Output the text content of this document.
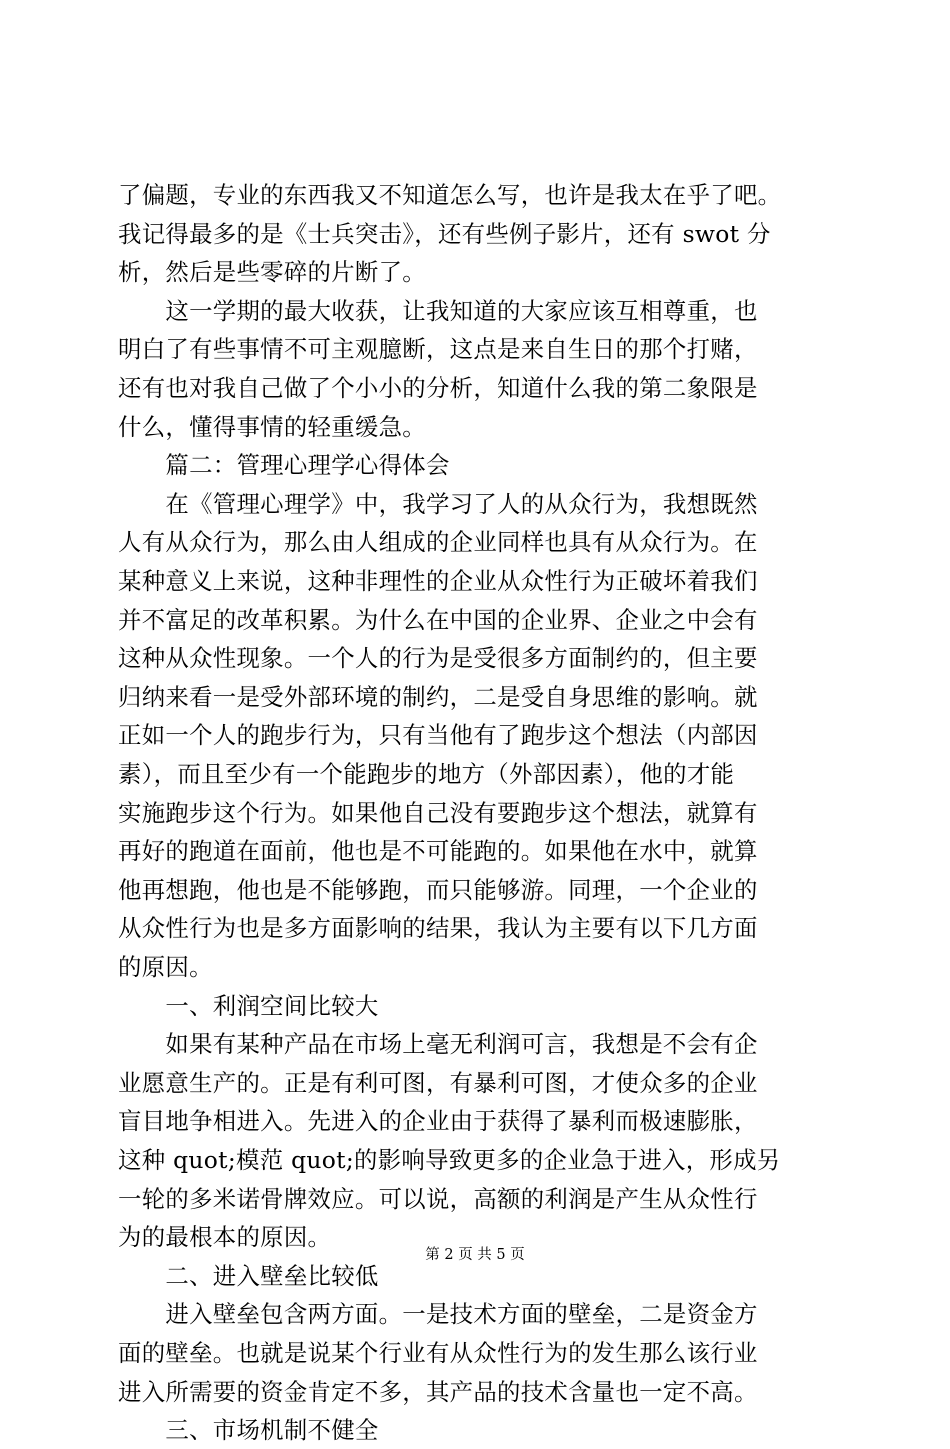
了偏题，专业的东西我又不知道怎么写，也许是我太在乎了吧。
我记得最多的是《士兵突击》，还有些例子影片，还有 swot 分
析，然后是些零碎的片断了。
　　这一学期的最大收获，让我知道的大家应该互相尊重，也
明白了有些事情不可主观臆断，这点是来自生日的那个打赌，
还有也对我自己做了个小小的分析，知道什么我的第二象限是
什么，懂得事情的轻重缓急。
　　篇二：管理心理学心得体会
　　在《管理心理学》中，我学习了人的从众行为，我想既然
人有从众行为，那么由人组成的企业同样也具有从众行为。在
某种意义上来说，这种非理性的企业从众性行为正破坏着我们
并不富足的改革积累。为什么在中国的企业界、企业之中会有
这种从众性现象。一个人的行为是受很多方面制约的，但主要
归纳来看一是受外部环境的制约，二是受自身思维的影响。就
正如一个人的跑步行为，只有当他有了跑步这个想法（内部因
素），而且至少有一个能跑步的地方（外部因素），他的才能
实施跑步这个行为。如果他自己没有要跑步这个想法，就算有
再好的跑道在面前，他也是不可能跑的。如果他在水中，就算
他再想跑，他也是不能够跑，而只能够游。同理，一个企业的
从众性行为也是多方面影响的结果，我认为主要有以下几方面
的原因。
　　一、利润空间比较大
　　如果有某种产品在市场上毫无利润可言，我想是不会有企
业愿意生产的。正是有利可图，有暴利可图，才使众多的企业
盲目地争相进入。先进入的企业由于获得了暴利而极速膨胀，
这种 quot;模范 quot;的影响导致更多的企业急于进入，形成另
一轮的多米诺骨牌效应。可以说，高额的利润是产生从众性行
为的最根本的原因。
　　二、进入壁垒比较低
　　进入壁垒包含两方面。一是技术方面的壁垒，二是资金方
面的壁垒。也就是说某个行业有从众性行为的发生那么该行业
进入所需要的资金肯定不多，其产品的技术含量也一定不高。
　　三、市场机制不健全
第 2 页 共 5 页
